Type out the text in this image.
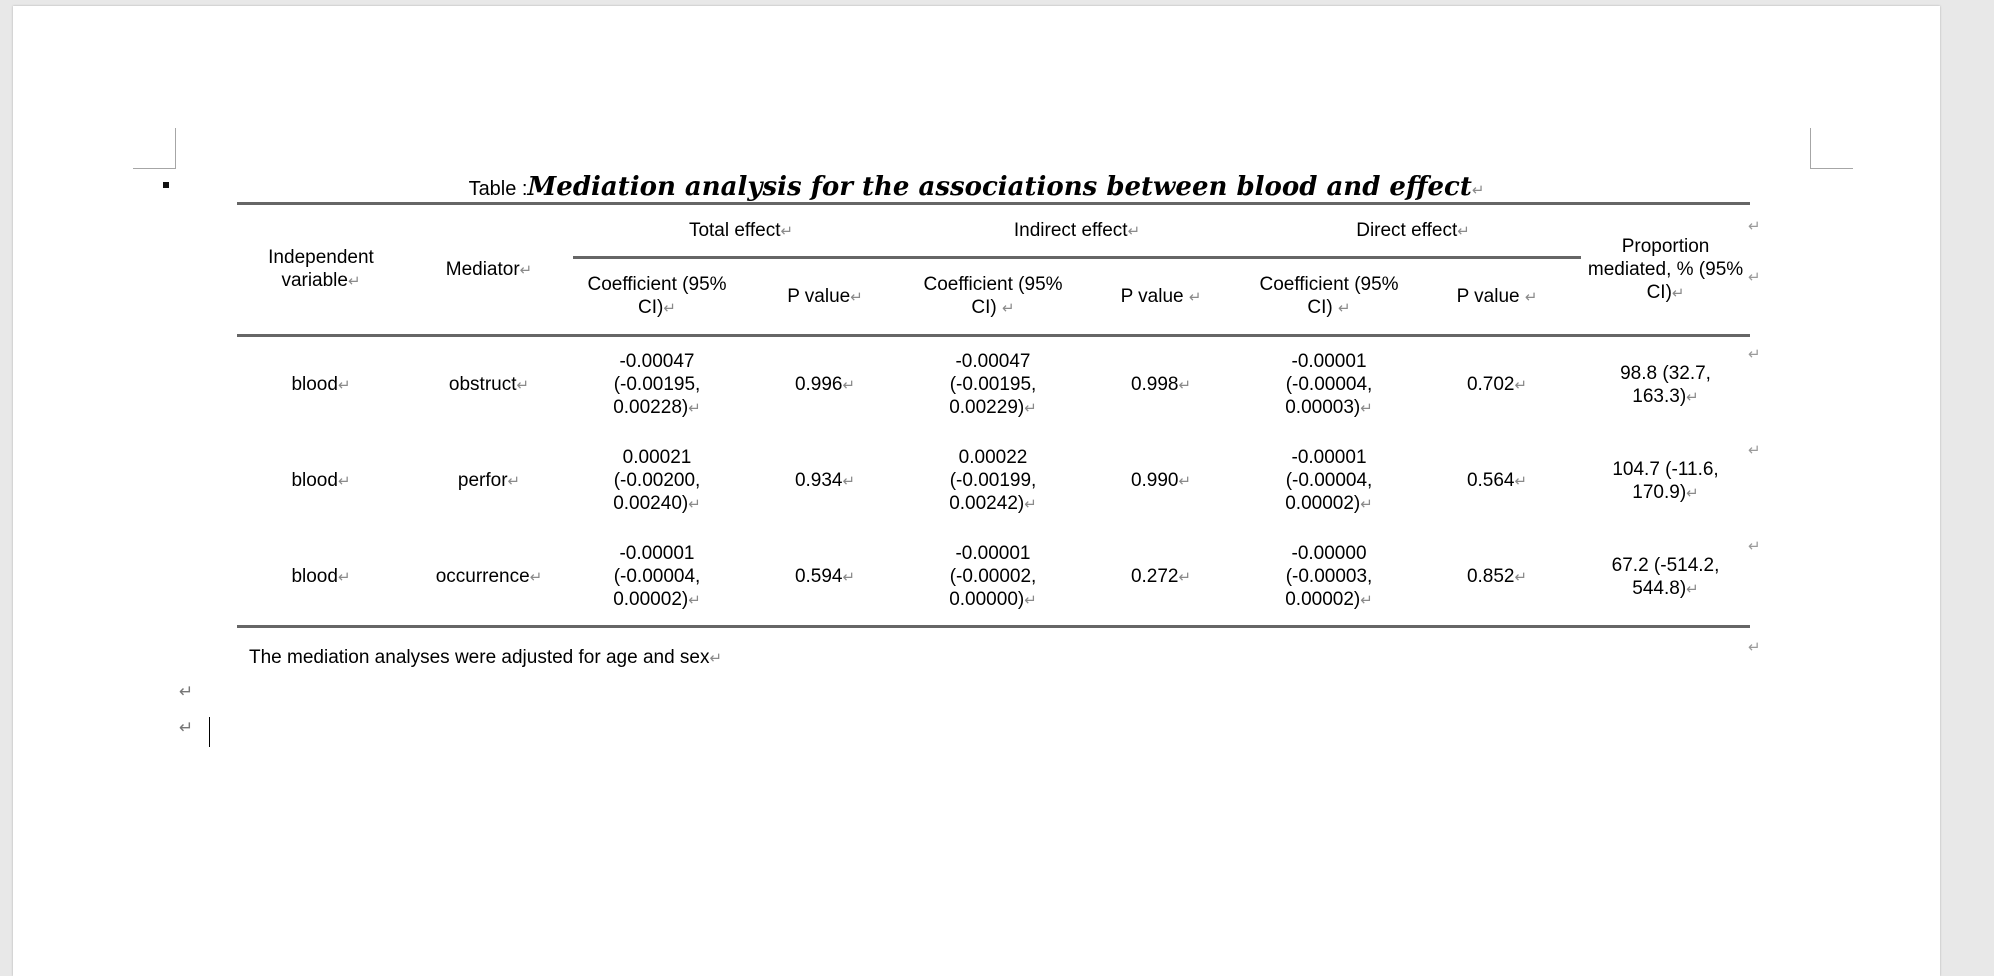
Table :Mediation analysis for the associations between blood and effect↵
Independent variable↵	Mediator↵	Total effect↵		Indirect effect↵		Direct effect↵		Proportion mediated, % (95% CI)↵
		Coefficient (95% CI)↵	P value↵	Coefficient (95% CI) ↵	P value ↵	Coefficient (95% CI) ↵	P value ↵	
blood↵	obstruct↵	-0.00047 (-0.00195, 0.00228)↵	0.996↵	-0.00047 (-0.00195, 0.00229)↵	0.998↵	-0.00001 (-0.00004, 0.00003)↵	0.702↵	98.8 (32.7, 163.3)↵
blood↵	perfor↵	0.00021 (-0.00200, 0.00240)↵	0.934↵	0.00022 (-0.00199, 0.00242)↵	0.990↵	-0.00001 (-0.00004, 0.00002)↵	0.564↵	104.7 (-11.6, 170.9)↵
blood↵	occurrence↵	-0.00001 (-0.00004, 0.00002)↵	0.594↵	-0.00001 (-0.00002, 0.00000)↵	0.272↵	-0.00000 (-0.00003, 0.00002)↵	0.852↵	67.2 (-514.2, 544.8)↵
↵
↵
↵
↵
↵
↵
The mediation analyses were adjusted for age and sex↵
↵
↵
